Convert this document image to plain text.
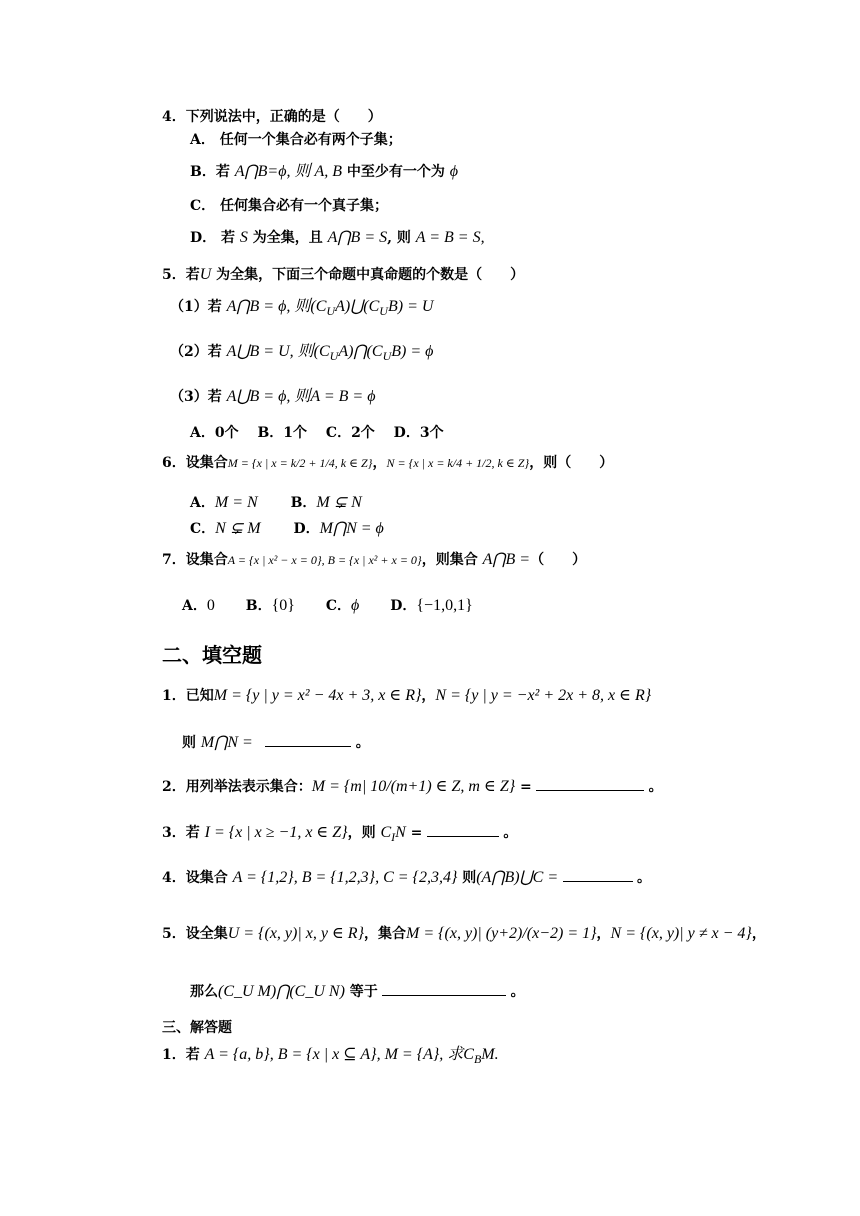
4．下列说法中，正确的是（　　）
A． 任何一个集合必有两个子集；
B．若 A⋂B=ϕ, 则 A, B 中至少有一个为 ϕ
C． 任何集合必有一个真子集；
D． 若 S 为全集，且 A⋂B = S, 则 A = B = S,
5．若U 为全集，下面三个命题中真命题的个数是（　　）
（1）若 A⋂B = ϕ, 则$(C_UA)⋃(C_UB) = U$
（2）若 A⋃B = U, 则$(C_UA)⋂(C_UB) = \phi$
（3）若 A⋃B = ϕ, 则A = B = ϕ
A．0个　 B．1个　 C．2个　 D．3个
6．设集合M = {x | x = k/2 + 1/4, k ∈ Z}，N = {x | x = k/4 + 1/2, k ∈ Z}，则（　　）
A．M = N B．M ⊊ N
C．N ⊊ M D．M⋂N = ϕ
7．设集合A = {x | x² − x = 0}, B = {x | x² + x = 0}，则集合 A⋂B =（　　）
A．0 B．{0} C．ϕ D．{−1,0,1}
二、填空题
1．已知M = {y | y = x² − 4x + 3, x ∈ R}，N = {y | y = −x² + 2x + 8, x ∈ R}
则 M⋂N =	。
2．用列举法表示集合：M = {m| 10/(m+1) ∈ Z, m ∈ Z} =	。
3．若 I = {x | x ≥ −1, x ∈ Z}，则 $C_IN$ =	。
4．设集合 A = {1,2}, B = {1,2,3}, C = {2,3,4} 则(A⋂B)⋃C =	。
5．设全集U = {(x, y)| x, y ∈ R}，集合M = {(x, y)| (y+2)/(x−2) = 1}，N = {(x, y)| y ≠ x − 4}，
那么(C_U M)⋂(C_U N) 等于	。
三、解答题
1．若 A = {a, b}, B = {x | x ⊆ A}, M = {A}, 求$C_BM$.
